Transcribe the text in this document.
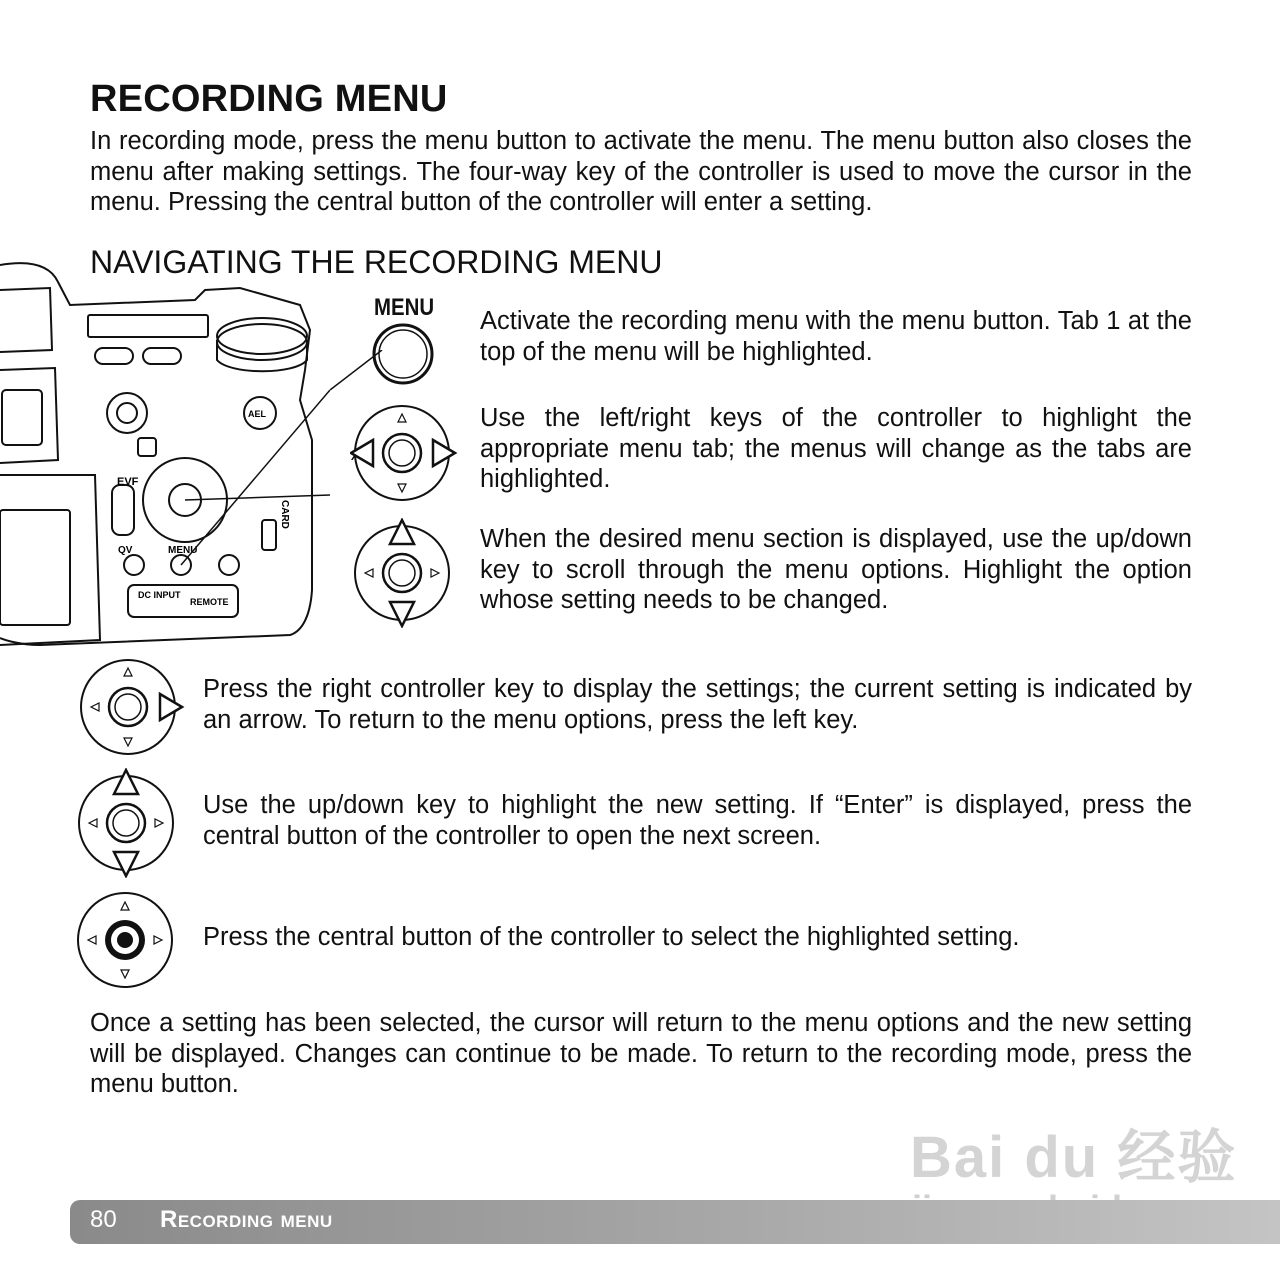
RECORDING MENU
In recording mode, press the menu button to activate the menu. The menu button also closes the menu after making settings. The four-way key of the controller is used to move the cursor in the menu. Pressing the central button of the controller will enter a setting.
NAVIGATING THE RECORDING MENU
EVF
QV	MENU
DC INPUT
REMOTE
AEL
CARD
MENU Activate the recording menu with the menu button. Tab 1 at the top of the menu will be highlighted.
Use the left/right keys of the controller to highlight the appropriate menu tab; the menus will change as the tabs are highlighted.
When the desired menu section is displayed, use the up/down key to scroll through the menu options. Highlight the option whose setting needs to be changed.
Press the right controller key to display the settings; the current setting is indicated by an arrow. To return to the menu options, press the left key.
Use the up/down key to highlight the new setting. If “Enter” is displayed, press the central button of the controller to open the next screen.
Press the central button of the controller to select the highlighted setting.
Once a setting has been selected, the cursor will return to the menu options and the new setting will be displayed. Changes can continue to be made. To return to the recording mode, press the menu button.
Bai du 经验
80 Recording menu
